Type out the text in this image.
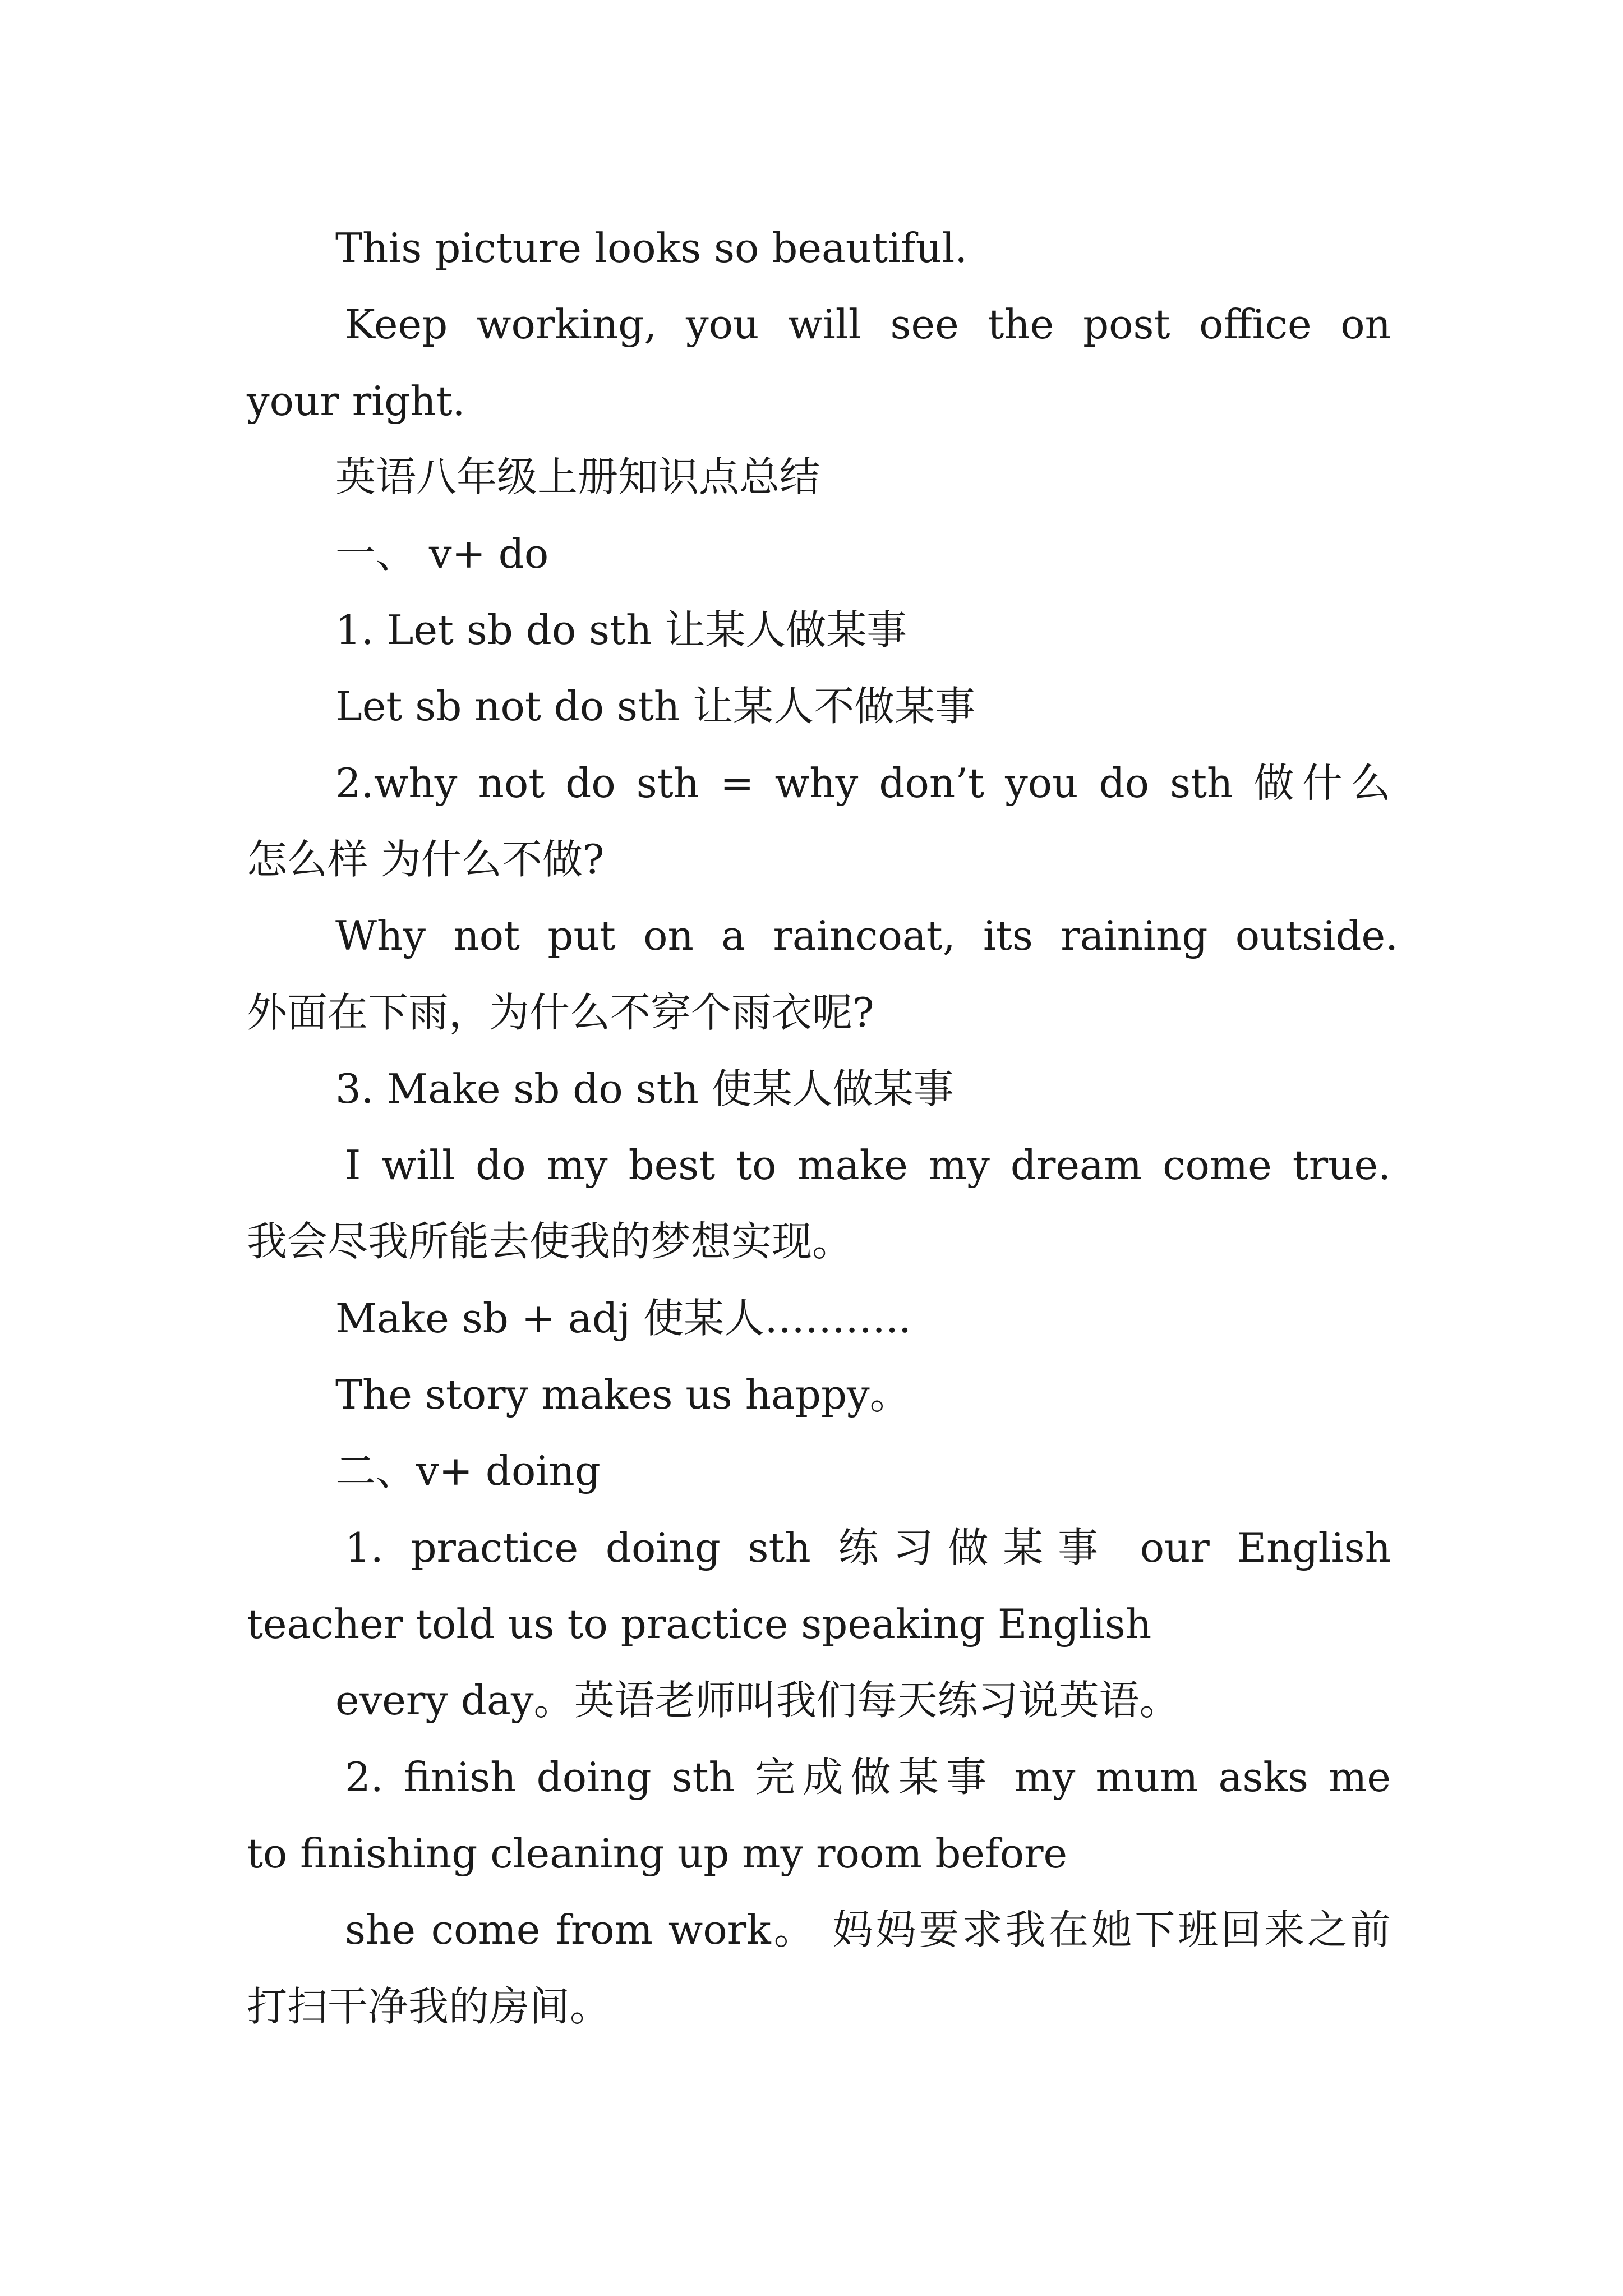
This picture looks so beautiful.
Keep working, you will see the post office on
your right.
英语八年级上册知识点总结
一、 v+ do
1. Let sb do sth 让某人做某事
Let sb not do sth 让某人不做某事
2.why not do sth = why don’t you do sth 做什么
怎么样 为什么不做?
Why not put on a raincoat, its raining outside.
外面在下雨，为什么不穿个雨衣呢?
3. Make sb do sth 使某人做某事
I will do my best to make my dream come true.
我会尽我所能去使我的梦想实现。
Make sb + adj 使某人………..
The story makes us happy。
二、v+ doing
1. practice doing sth 练习做某事 our English
teacher told us to practice speaking English
every day。英语老师叫我们每天练习说英语。
2. finish doing sth 完成做某事 my mum asks me
to finishing cleaning up my room before
she come from work。 妈妈要求我在她下班回来之前
打扫干净我的房间。
